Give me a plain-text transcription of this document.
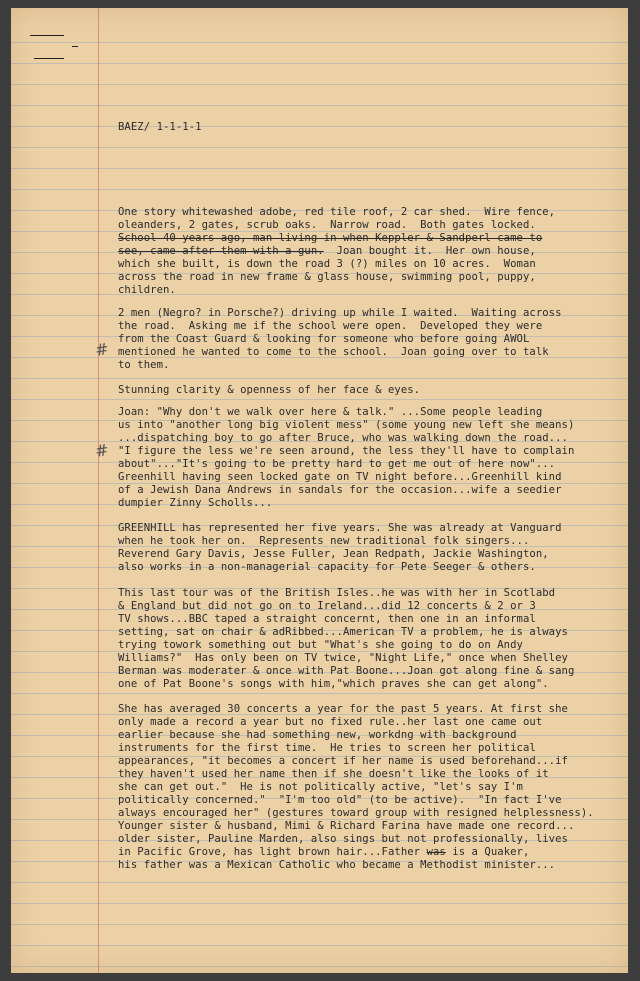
BAEZ/ 1-1-1-1
One story whitewashed adobe, red tile roof, 2 car shed.  Wire fence,
oleanders, 2 gates, scrub oaks.  Narrow road.  Both gates locked.
School 40 years ago, man living in when Keppler & Sandperl came to
see, came after them with a gun.  Joan bought it.  Her own house,
which she built, is down the road 3 (?) miles on 10 acres.  Woman
across the road in new frame & glass house, swimming pool, puppy,
children.
2 men (Negro? in Porsche?) driving up while I waited.  Waiting across
the road.  Asking me if the school were open.  Developed they were
from the Coast Guard & looking for someone who before going AWOL
mentioned he wanted to come to the school.  Joan going over to talk
to them.
Stunning clarity & openness of her face & eyes.
Joan: "Why don't we walk over here & talk." ...Some people leading
us into "another long big violent mess" (some young new left she means)
...dispatching boy to go after Bruce, who was walking down the road...
"I figure the less we're seen around, the less they'll have to complain
about"..."It's going to be pretty hard to get me out of here now"...
Greenhill having seen locked gate on TV night before...Greenhill kind
of a Jewish Dana Andrews in sandals for the occasion...wife a seedier
dumpier Zinny Scholls...
GREENHILL has represented her five years. She was already at Vanguard
when he took her on.  Represents new traditional folk singers...
Reverend Gary Davis, Jesse Fuller, Jean Redpath, Jackie Washington,
also works in a non-managerial capacity for Pete Seeger & others.
This last tour was of the British Isles..he was with her in Scotlabd
& England but did not go on to Ireland...did 12 concerts & 2 or 3
TV shows...BBC taped a straight concernt, then one in an informal
setting, sat on chair & adRibbed...American TV a problem, he is always
trying towork something out but "What's she going to do on Andy
Williams?"  Has only been on TV twice, "Night Life," once when Shelley
Berman was moderater & once with Pat Boone...Joan got along fine & sang
one of Pat Boone's songs with him,"which praves she can get along".
She has averaged 30 concerts a year for the past 5 years. At first she
only made a record a year but no fixed rule..her last one came out
earlier because she had something new, workdng with background
instruments for the first time.  He tries to screen her political
appearances, "it becomes a concert if her name is used beforehand...if
they haven't used her name then if she doesn't like the looks of it
she can get out."  He is not politically active, "let's say I'm
politically concerned."  "I'm too old" (to be active).  "In fact I've
always encouraged her" (gestures toward group with resigned helplessness).
Younger sister & husband, Mimi & Richard Farina have made one record...
older sister, Pauline Marden, also sings but not professionally, lives
in Pacific Grove, has light brown hair...Father was is a Quaker,
his father was a Mexican Catholic who became a Methodist minister...
#
#
